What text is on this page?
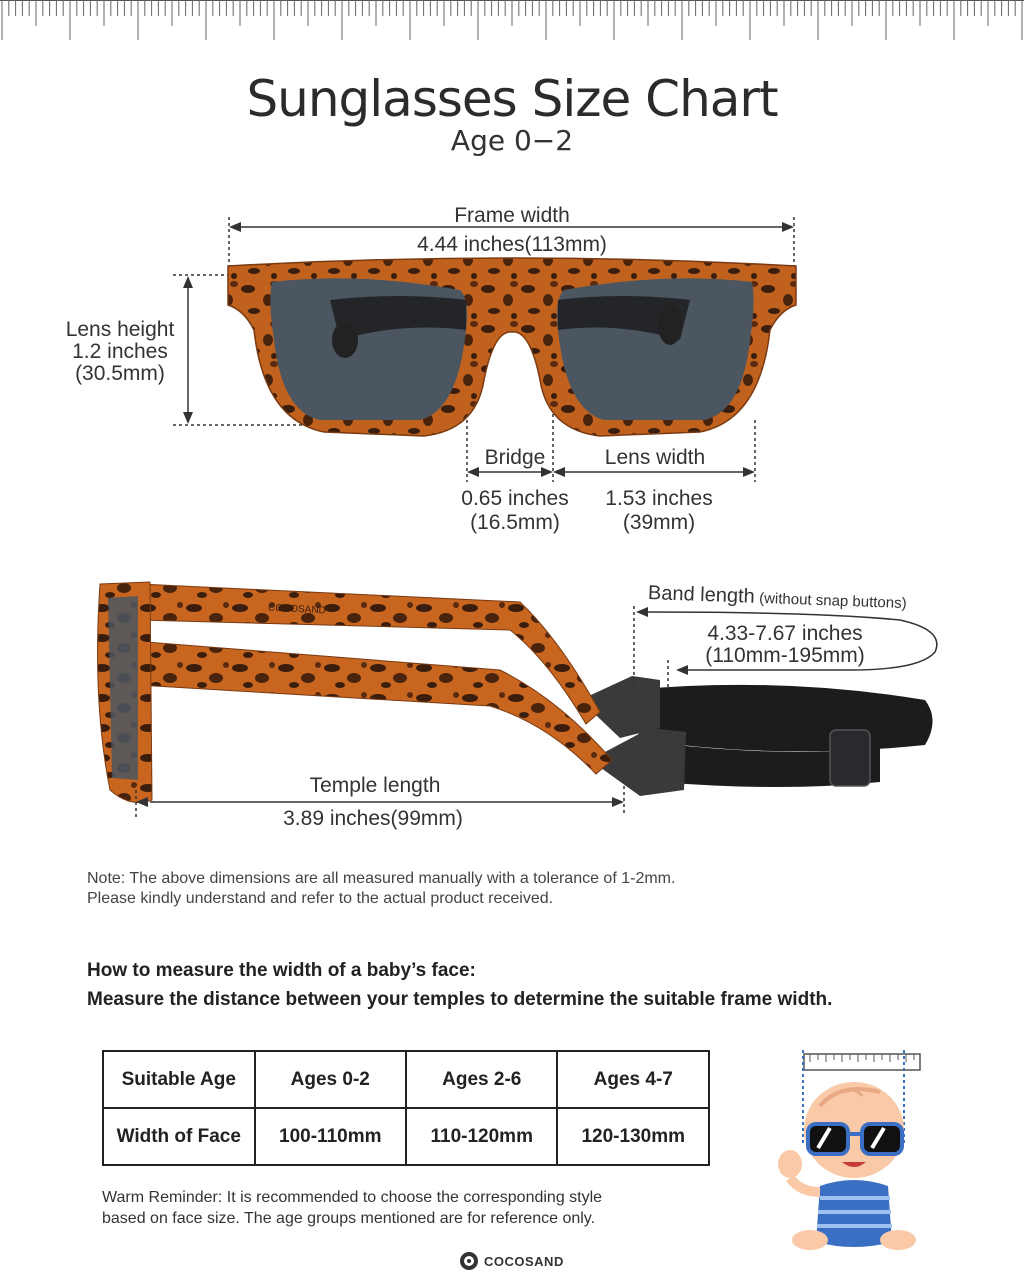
Sunglasses Size Chart
Age 0−2
Frame width
4.44 inches(113mm)
Lens height
1.2 inches
(30.5mm)
Bridge
0.65 inches
(16.5mm)
Lens width
1.53 inches
(39mm)
COCOSAND
Band length (without snap buttons)
4.33-7.67 inches
(110mm-195mm)
Temple length
3.89 inches(99mm)
Note: The above dimensions are all measured manually with a tolerance of 1-2mm.
Please kindly understand and refer to the actual product received.
How to measure the width of a baby’s face:
Measure the distance between your temples to determine the suitable frame width.
Suitable Age	Ages 0-2	Ages 2-6	Ages 4-7
Width of Face	100-110mm	110-120mm	120-130mm
Warm Reminder: It is recommended to choose the corresponding style
based on face size. The age groups mentioned are for reference only.
COCOSAND
